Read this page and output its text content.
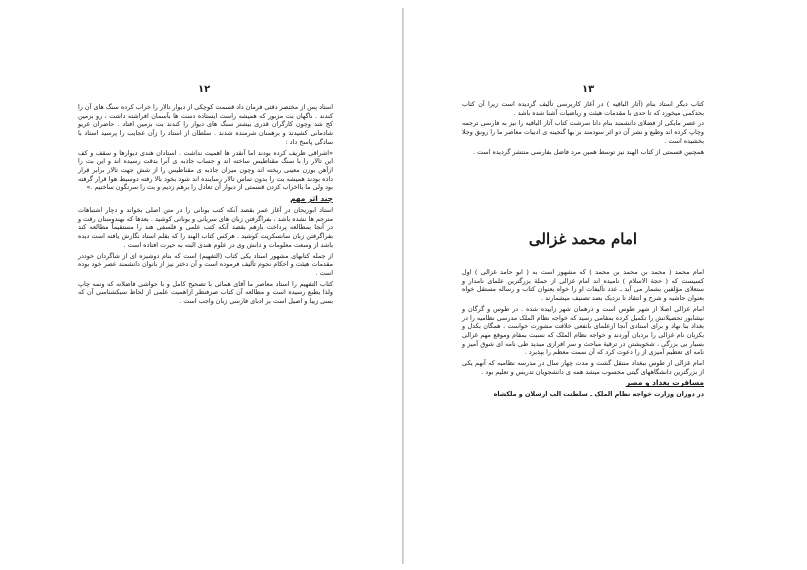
۱۲

استاد پس از مختصر دقتی فرمان داد قسمت کوچکی از دیوار تالار را خراب کرده سنگ های آن را کندند . ناگهان بت مزبور که همیشه راست ایستاده دست ها بآسمان افراشته داشت ، رو بزمین کج شد وچون کارگران قدری بیشتر سنگ های دیوار را کندند بت بزمین افتاد . حاضران غریو شادمانی کشیدند و برهمنان شرمنده شدند . سلطان از استاد را زآن عجایب را پرسید استاد با سادگی پاسخ داد :

«اشراقی ظریف کرده بودند اما آنقدر ها اهمیت نداشت . استادان هندی دیوارها و سقف و کف این تالار را با سنگ مقناطیس ساخته اند و حساب جاذبه ی آنرا بدقت رسیده اند و این بت را ازآهن بوزن معینی ریخته اند وچون میزان جاذبه ی مقناطیس را از شش جهت تالار برابر قرار داده بودند همیشه بت را بدون تماس تالار رساینده اند شود بخود بالا رفته دوسیط هوا قرار گرفته بود ولی ما بااخراب کردن قسمتی از دیوار آن تعادل را برهم زدیم و بت را سرنگون ساختیم .»

چند اثر مهم

استاد ابوریحان در آغاز عمر بقصد آنکه کتب یونانی را در متن اصلی بخواند و دچار اشتباهات مترجم ها نشده باشد ، بفراگرفتن زبان های سریانی و یونانی کوشید . بعدها که بهندوستان رفت و در آنجا بمطالعه پرداخت بازهم بقصد آنکه کتب علمی و فلسفی هند را مستقیماً مطالعه کند بفراگرفتن زبان سانسکریت کوشید . هرکس کتاب الهند را که بقلم استاد نگارش یافته است دیده باشد از وسعت معلومات و دانش وی در علوم هندی البته به حیرت افتاده است .

از جمله کتابهای مشهور استاد یکی کتاب (التفهیم) است که بنام دوشیزه ای از شاگردان خوددر مقدمات هیئت و احکام نجوم تألیف فرموده است و آن دختر نیز از بانوان دانشمند عصر خود بوده است .

کتاب التفهیم را استاد معاصر ما آقای همائی با تصحیح کامل و با حواشی فاضلانه که ونمه چاپ ولذا یطبع رسیده است و مطالعه آن کتاب صرفنظر ازاهمیت علمی از لحاظ سبکشناسی آن که بسی زیبا و اصیل است بر ادبای فارسی زبان واجب است .

۱۳

کتاب دیگر استاد بنام (آثار الباقیه ) در آغاز کاربرسی تألیف گردیده است زیرا آن کتاب بحدکمی میخورد که تا حدی با مقدمات هیئت و ریاضیات آشنا شده باشد .

در عصر مایکی از فضلای دانشمند بنام دانا سرشت کتاب آثار الباقیه را نیز به فارسی ترجمه وچاپ کرده اند وطبع و نشر آن دو اثر سودمند بر بها گنجینه ی ادبیات معاصر ما را رونق وجلا بخشیده است .

همچنین قسمتی از کتاب الهند نیز توسط همین مرد فاضل بفارسی منتشر گردیده است .

امام محمد غزالی

امام محمد ( محمد بن محمد بن محمد ) که مشهور است به ( ابو حامد غزالی ) اول کسیست که ( حجة الاسلام ) نامیده اند امام غزالی از جملة بزرگترین علمای نامدار و ستعلای مؤلفین بشمار می آید ـ عدد تألیفات او را خواه بعنوان کتاب و رساله مستقل خواه بعنوان حاشیه و شرح و انتقاد تا نزدیک بصد تصنیف میشمارند .

امام غزالی اصلا از شهر طوس است و درهمان شهر زاییده شده . در طوس و گرگان و نیشابور تحصیلاتش را تکمیل کرده بمقامی رسید که خواجه نظام الملک مدرسی نظامیه را در بغداد بنا نهاد و برای استادی آنجا ازعلمای بانفعی خلافت مشورت خواست ، همگان بکدل و بکزبان نام غزالی را بردبان آوردند و خواجه نظام الملک که نسبت بمقام وموقع مهم غزالی بسیار بی بزرگی ، شخویشتن در ترقیة مباحث و سر افرازی میدید طی نامه ای شوق آمیز و نامه ای تعظیم آمیزی از را دعوت کرد که آن سمت معظم را بپذیرد .

امام غزالی از طوس ببغداد منتقل گشت و مدت چهار سال در مدرسه نظامیه که آنهم یکی از بزرگترین دانشگاههای گیتی محسوب میشد همه ی دانشجویان تدریس و تعلیم بود .

مسافرت بغداد و مصر

در دوران وزارت خواجه نظام الملک ـ سلطنت الب ارسلان و ملکشاه
